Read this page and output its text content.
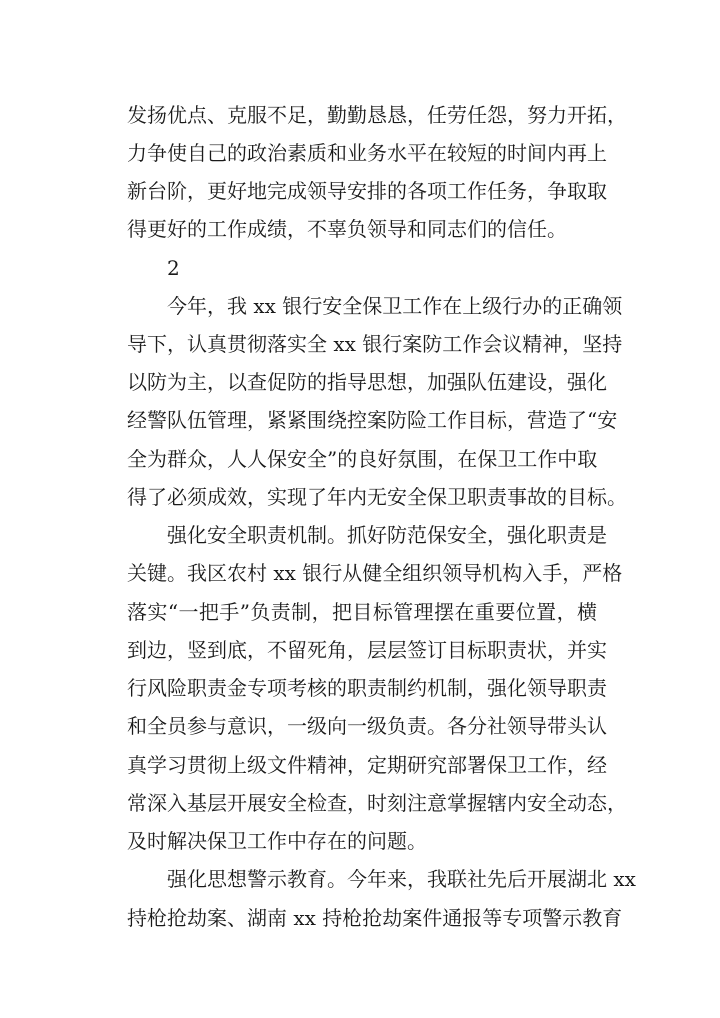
发扬优点、克服不足，勤勤恳恳，任劳任怨，努力开拓，
力争使自己的政治素质和业务水平在较短的时间内再上
新台阶，更好地完成领导安排的各项工作任务，争取取
得更好的工作成绩，不辜负领导和同志们的信任。
2
今年，我 xx 银行安全保卫工作在上级行办的正确领
导下，认真贯彻落实全 xx 银行案防工作会议精神，坚持
以防为主，以查促防的指导思想，加强队伍建设，强化
经警队伍管理，紧紧围绕控案防险工作目标，营造了“安
全为群众，人人保安全”的良好氛围，在保卫工作中取
得了必须成效，实现了年内无安全保卫职责事故的目标。
强化安全职责机制。抓好防范保安全，强化职责是
关键。我区农村 xx 银行从健全组织领导机构入手，严格
落实“一把手”负责制，把目标管理摆在重要位置，横
到边，竖到底，不留死角，层层签订目标职责状，并实
行风险职责金专项考核的职责制约机制，强化领导职责
和全员参与意识，一级向一级负责。各分社领导带头认
真学习贯彻上级文件精神，定期研究部署保卫工作，经
常深入基层开展安全检查，时刻注意掌握辖内安全动态，
及时解决保卫工作中存在的问题。
强化思想警示教育。今年来，我联社先后开展湖北 xx
持枪抢劫案、湖南 xx 持枪抢劫案件通报等专项警示教育
